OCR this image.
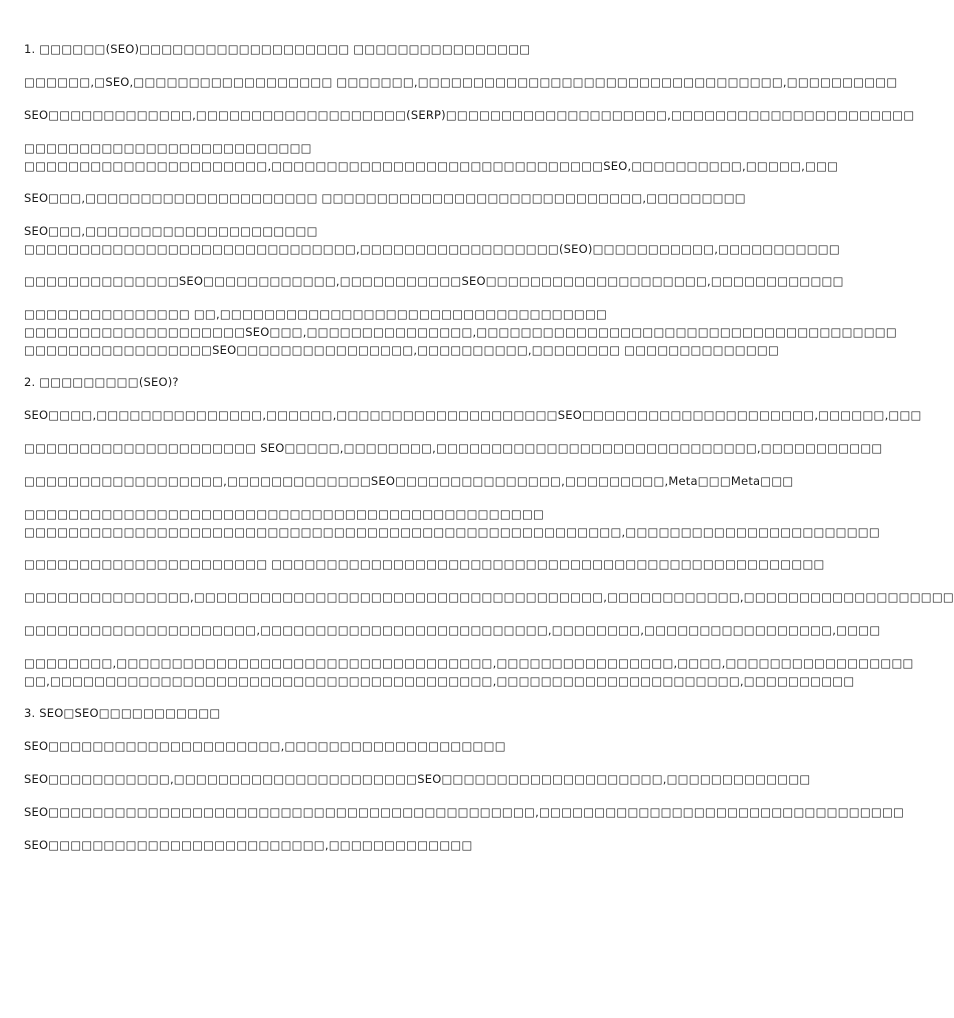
1. □□□□□□(SEO)□□□□□□□□□□□□□□□□□□□ □□□□□□□□□□□□□□□□
□□□□□□,□SEO,□□□□□□□□□□□□□□□□□□ □□□□□□□,□□□□□□□□□□□□□□□□□□□□□□□□□□□□□□□□□,□□□□□□□□□□
SEO□□□□□□□□□□□□□,□□□□□□□□□□□□□□□□□□□(SERP)□□□□□□□□□□□□□□□□□□□□,□□□□□□□□□□□□□□□□□□□□□□
□□□□□□□□□□□□□□□□□□□□□□□□□□
□□□□□□□□□□□□□□□□□□□□□□,□□□□□□□□□□□□□□□□□□□□□□□□□□□□□□SEO,□□□□□□□□□□,□□□□□,□□□
SEO□□□,□□□□□□□□□□□□□□□□□□□□□ □□□□□□□□□□□□□□□□□□□□□□□□□□□□□,□□□□□□□□□
SEO□□□,□□□□□□□□□□□□□□□□□□□□□
□□□□□□□□□□□□□□□□□□□□□□□□□□□□□□,□□□□□□□□□□□□□□□□□□(SEO)□□□□□□□□□□□,□□□□□□□□□□□
□□□□□□□□□□□□□□SEO□□□□□□□□□□□□,□□□□□□□□□□□SEO□□□□□□□□□□□□□□□□□□□□,□□□□□□□□□□□□
□□□□□□□□□□□□□□□ □□,□□□□□□□□□□□□□□□□□□□□□□□□□□□□□□□□□□□
□□□□□□□□□□□□□□□□□□□□SEO□□□,□□□□□□□□□□□□□□□,□□□□□□□□□□□□□□□□□□□□□□□□□□□□□□□□□□□□□□
□□□□□□□□□□□□□□□□□SEO□□□□□□□□□□□□□□□□,□□□□□□□□□□,□□□□□□□□ □□□□□□□□□□□□□□
2. □□□□□□□□□(SEO)?
SEO□□□□,□□□□□□□□□□□□□□□,□□□□□□,□□□□□□□□□□□□□□□□□□□□SEO□□□□□□□□□□□□□□□□□□□□□,□□□□□□,□□□
□□□□□□□□□□□□□□□□□□□□□ SEO□□□□□,□□□□□□□□,□□□□□□□□□□□□□□□□□□□□□□□□□□□□□,□□□□□□□□□□□
□□□□□□□□□□□□□□□□□□,□□□□□□□□□□□□□SEO□□□□□□□□□□□□□□□,□□□□□□□□□,Meta□□□Meta□□□
□□□□□□□□□□□□□□□□□□□□□□□□□□□□□□□□□□□□□□□□□□□□□□□
□□□□□□□□□□□□□□□□□□□□□□□□□□□□□□□□□□□□□□□□□□□□□□□□□□□□□□,□□□□□□□□□□□□□□□□□□□□□□□
□□□□□□□□□□□□□□□□□□□□□□ □□□□□□□□□□□□□□□□□□□□□□□□□□□□□□□□□□□□□□□□□□□□□□□□□□
□□□□□□□□□□□□□□□,□□□□□□□□□□□□□□□□□□□□□□□□□□□□□□□□□□□□□,□□□□□□□□□□□□,□□□□□□□□□□□□□□□□□□□
□□□□□□□□□□□□□□□□□□□□□,□□□□□□□□□□□□□□□□□□□□□□□□□□,□□□□□□□□,□□□□□□□□□□□□□□□□□,□□□□
□□□□□□□□,□□□□□□□□□□□□□□□□□□□□□□□□□□□□□□□□□□,□□□□□□□□□□□□□□□□,□□□□,□□□□□□□□□□□□□□□□□
□□,□□□□□□□□□□□□□□□□□□□□□□□□□□□□□□□□□□□□□□□□,□□□□□□□□□□□□□□□□□□□□□□,□□□□□□□□□□
3. SEO□SEO□□□□□□□□□□□
SEO□□□□□□□□□□□□□□□□□□□□□,□□□□□□□□□□□□□□□□□□□□
SEO□□□□□□□□□□□,□□□□□□□□□□□□□□□□□□□□□□SEO□□□□□□□□□□□□□□□□□□□□,□□□□□□□□□□□□□
SEO□□□□□□□□□□□□□□□□□□□□□□□□□□□□□□□□□□□□□□□□□□□□,□□□□□□□□□□□□□□□□□□□□□□□□□□□□□□□□□
SEO□□□□□□□□□□□□□□□□□□□□□□□□□,□□□□□□□□□□□□□
